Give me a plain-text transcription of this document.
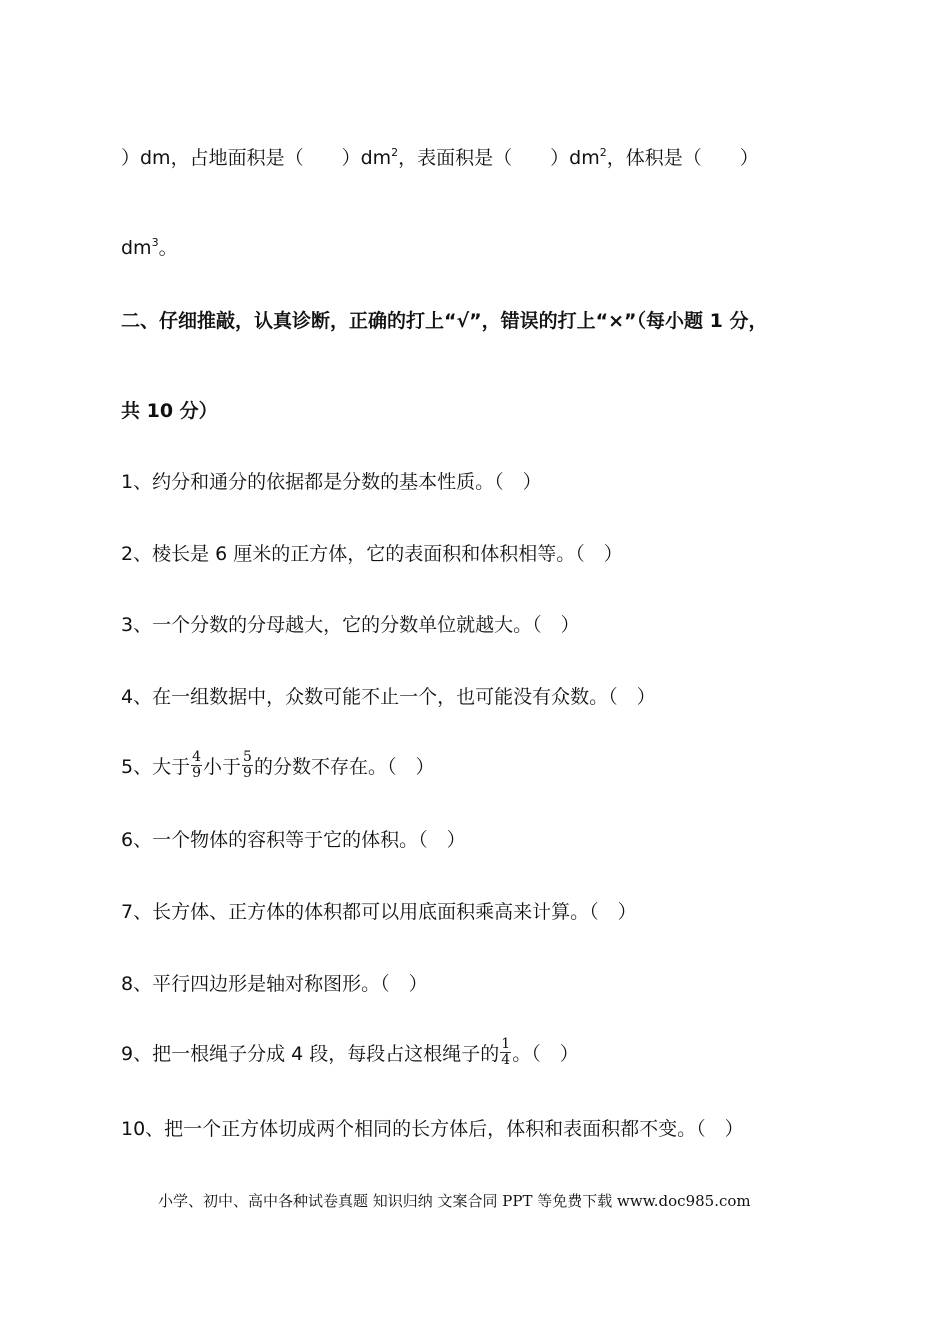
）dm，占地面积是（　　）$dm^2$，表面积是（　　）$dm^2$，体积是（　　）
$dm^3$。
二、仔细推敲，认真诊断，正确的打上“√”，错误的打上“×”（每小题 1 分，
共 10 分）
1、约分和通分的依据都是分数的基本性质。（　）
2、棱长是 6 厘米的正方体，它的表面积和体积相等。（　）
3、一个分数的分母越大，它的分数单位就越大。（　）
4、在一组数据中，众数可能不止一个，也可能没有众数。（　）
5、大于 $\frac{4}{9}$ 小于 $\frac{5}{9}$ 的分数不存在。（　）
6、一个物体的容积等于它的体积。（　）
7、长方体、正方体的体积都可以用底面积乘高来计算。（　）
8、平行四边形是轴对称图形。（　）
9、把一根绳子分成 4 段，每段占这根绳子的 $\frac{1}{4}$ 。（　）
10、把一个正方体切成两个相同的长方体后，体积和表面积都不变。（　）
小学、初中、高中各种试卷真题 知识归纳 文案合同 PPT 等免费下载 www.doc985.com
